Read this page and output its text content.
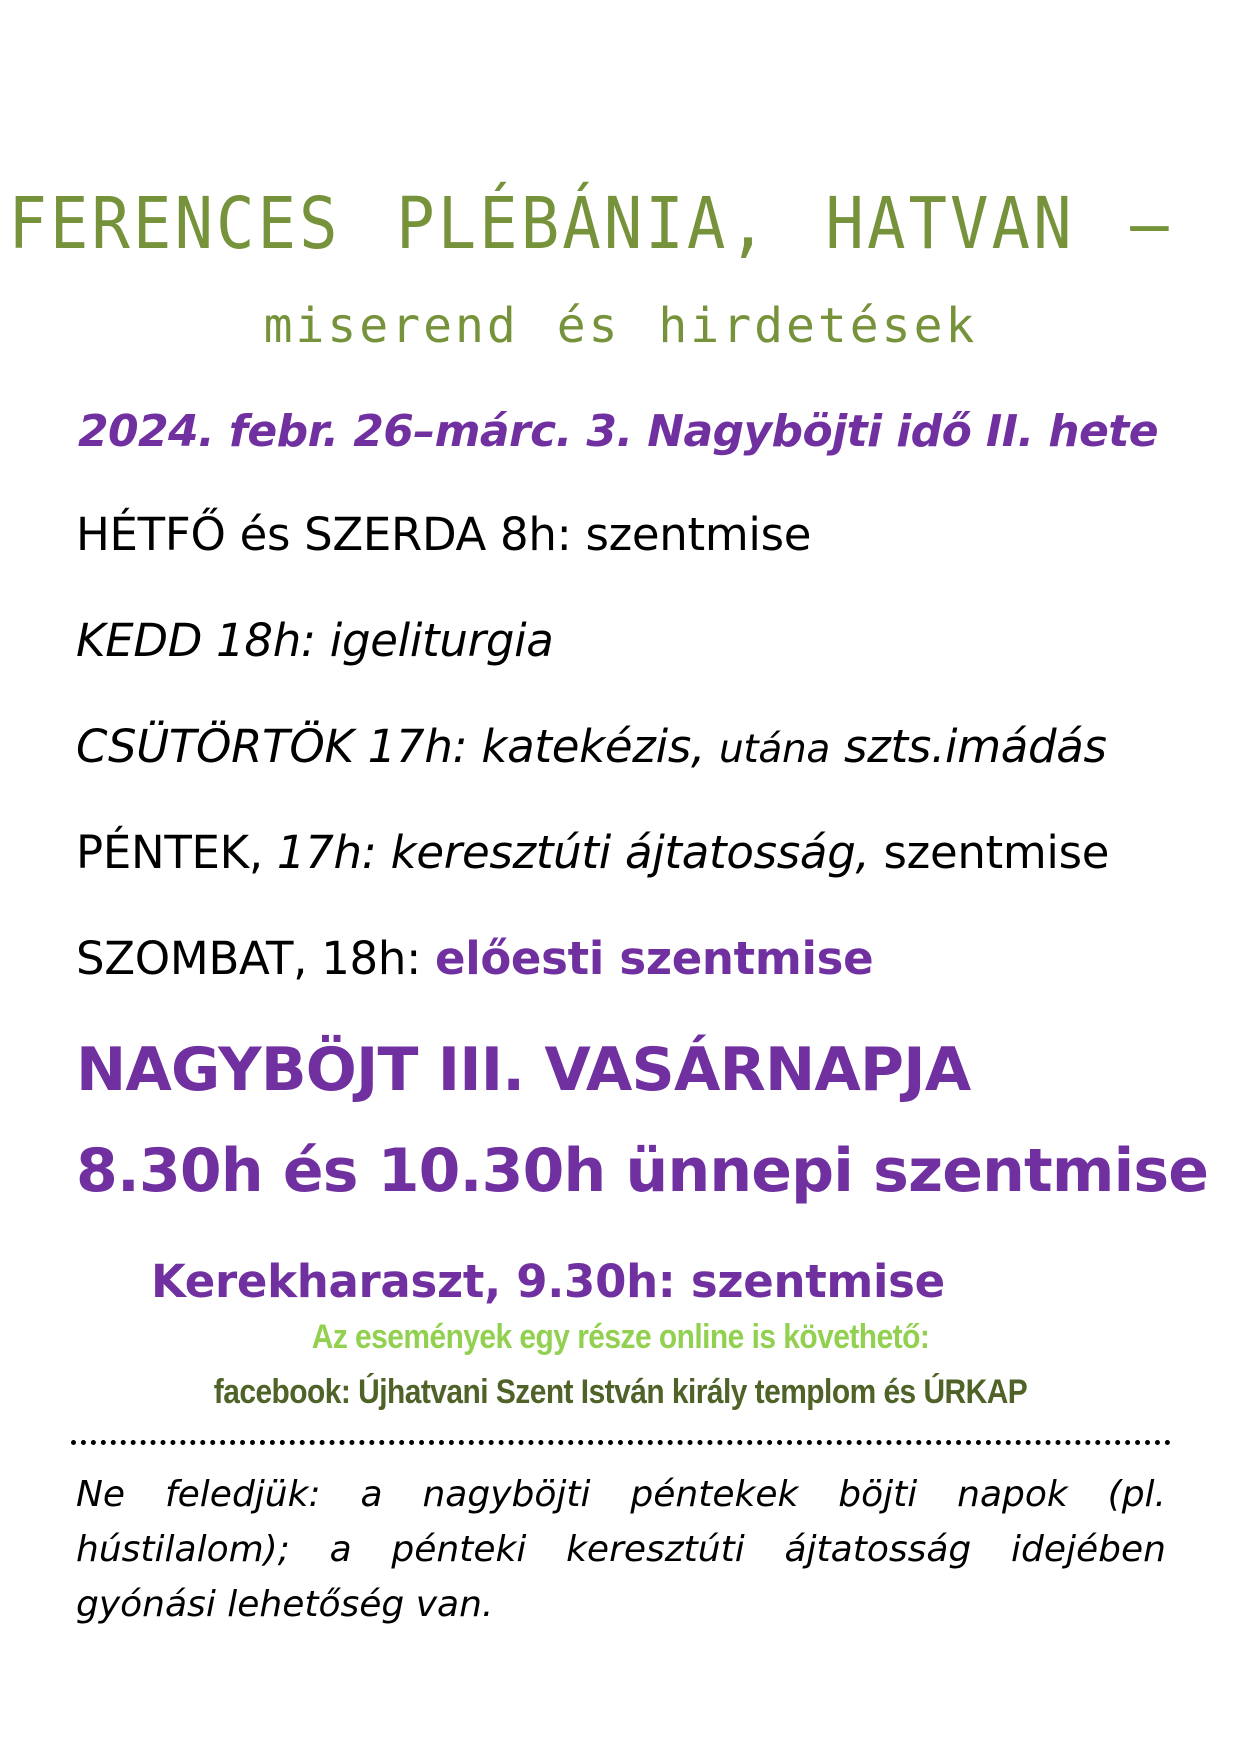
FERENCES PLÉBÁNIA, HATVAN –
miserend és hirdetések
2024. febr. 26–márc. 3. Nagyböjti idő II. hete
HÉTFŐ és SZERDA 8h: szentmise
KEDD 18h: igeliturgia
CSÜTÖRTÖK 17h: katekézis, utána szts.imádás
PÉNTEK, 17h: keresztúti ájtatosság, szentmise
SZOMBAT, 18h: előesti szentmise
NAGYBÖJT III. VASÁRNAPJA
8.30h és 10.30h ünnepi szentmise
Kerekharaszt, 9.30h: szentmise
Az események egy része online is követhető:
facebook: Újhatvani Szent István király templom és ÚRKAP
Ne feledjük: a nagyböjti péntekek böjti napok (pl. hústilalom); a pénteki keresztúti ájtatosság idejében gyónási lehetőség van.
